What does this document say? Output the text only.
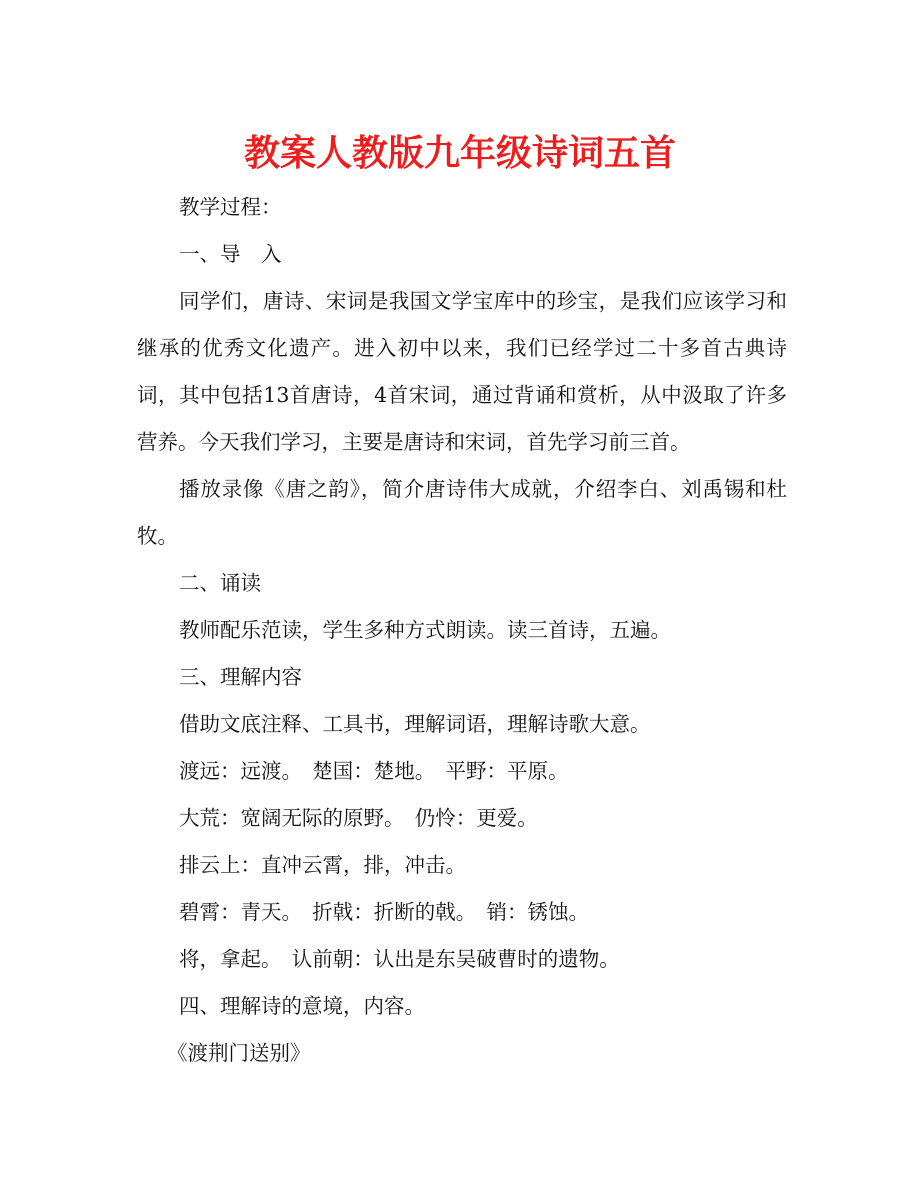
教案人教版九年级诗词五首

教学过程：

一、导　入

同学们，唐诗、宋词是我国文学宝库中的珍宝，是我们应该学习和继承的优秀文化遗产。进入初中以来，我们已经学过二十多首古典诗词，其中包括13首唐诗，4首宋词，通过背诵和赏析，从中汲取了许多营养。今天我们学习，主要是唐诗和宋词，首先学习前三首。

播放录像《唐之韵》，简介唐诗伟大成就，介绍李白、刘禹锡和杜牧。

二、诵读

教师配乐范读，学生多种方式朗读。读三首诗，五遍。

三、理解内容

借助文底注释、工具书，理解词语，理解诗歌大意。

渡远：远渡。　楚国：楚地。　平野：平原。

大荒：宽阔无际的原野。　仍怜：更爱。

排云上：直冲云霄，排，冲击。

碧霄：青天。　折戟：折断的戟。　销：锈蚀。

将，拿起。　认前朝：认出是东吴破曹时的遗物。

四、理解诗的意境，内容。

《渡荆门送别》
